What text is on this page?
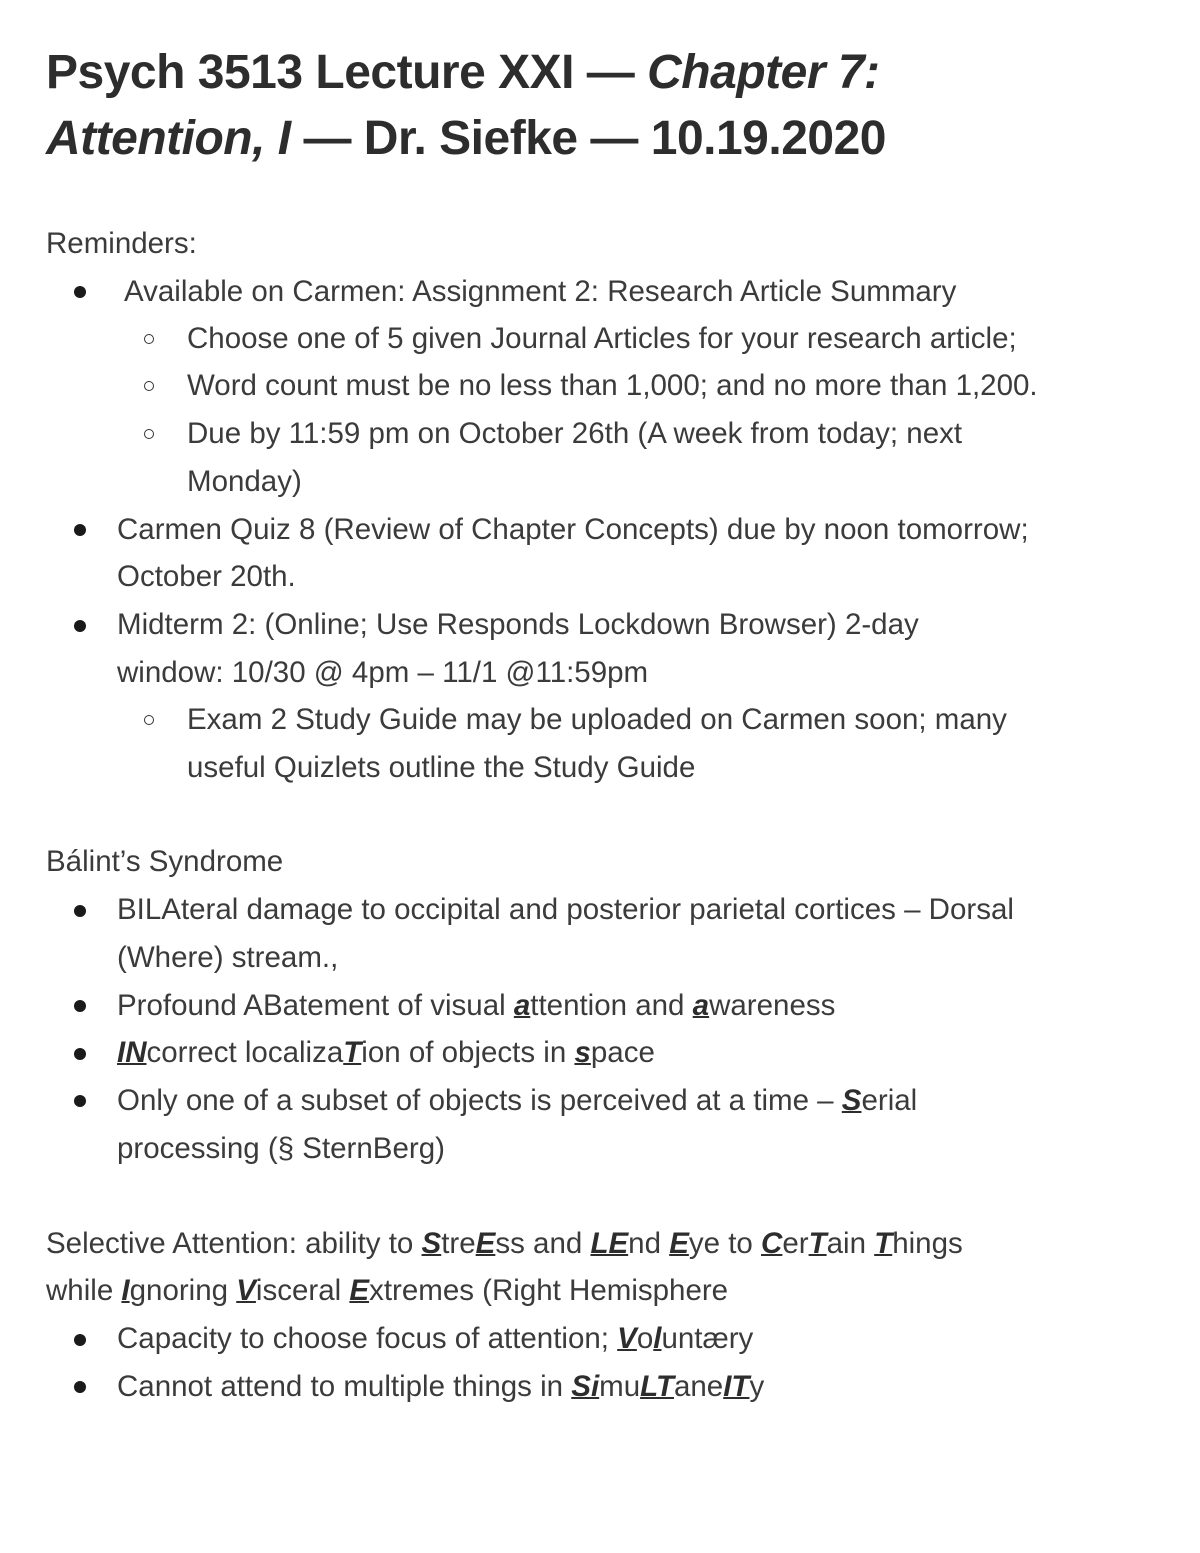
Psych 3513 Lecture XXI — Chapter 7:
Attention, I — Dr. Siefke — 10.19.2020
Reminders:
Available on Carmen: Assignment 2: Research Article Summary
Choose one of 5 given Journal Articles for your research article;
Word count must be no less than 1,000; and no more than 1,200.
Due by 11:59 pm on October 26th (A week from today; next
Monday)
Carmen Quiz 8 (Review of Chapter Concepts) due by noon tomorrow;
October 20th.
Midterm 2: (Online; Use Responds Lockdown Browser) 2-day
window: 10/30 @ 4pm – 11/1 @11:59pm
Exam 2 Study Guide may be uploaded on Carmen soon; many
useful Quizlets outline the Study Guide
Bálint’s Syndrome
BILAteral damage to occipital and posterior parietal cortices – Dorsal
(Where) stream.,
Profound ABatement of visual attention and awareness
INcorrect localizaTion of objects in space
Only one of a subset of objects is perceived at a time – Serial
processing (§ SternBerg)
Selective Attention: ability to StreEss and LEnd Eye to CerTain Things
while Ignoring Visceral Extremes (Right Hemisphere
Capacity to choose focus of attention; Voluntæry
Cannot attend to multiple things in SimuLTaneITy
